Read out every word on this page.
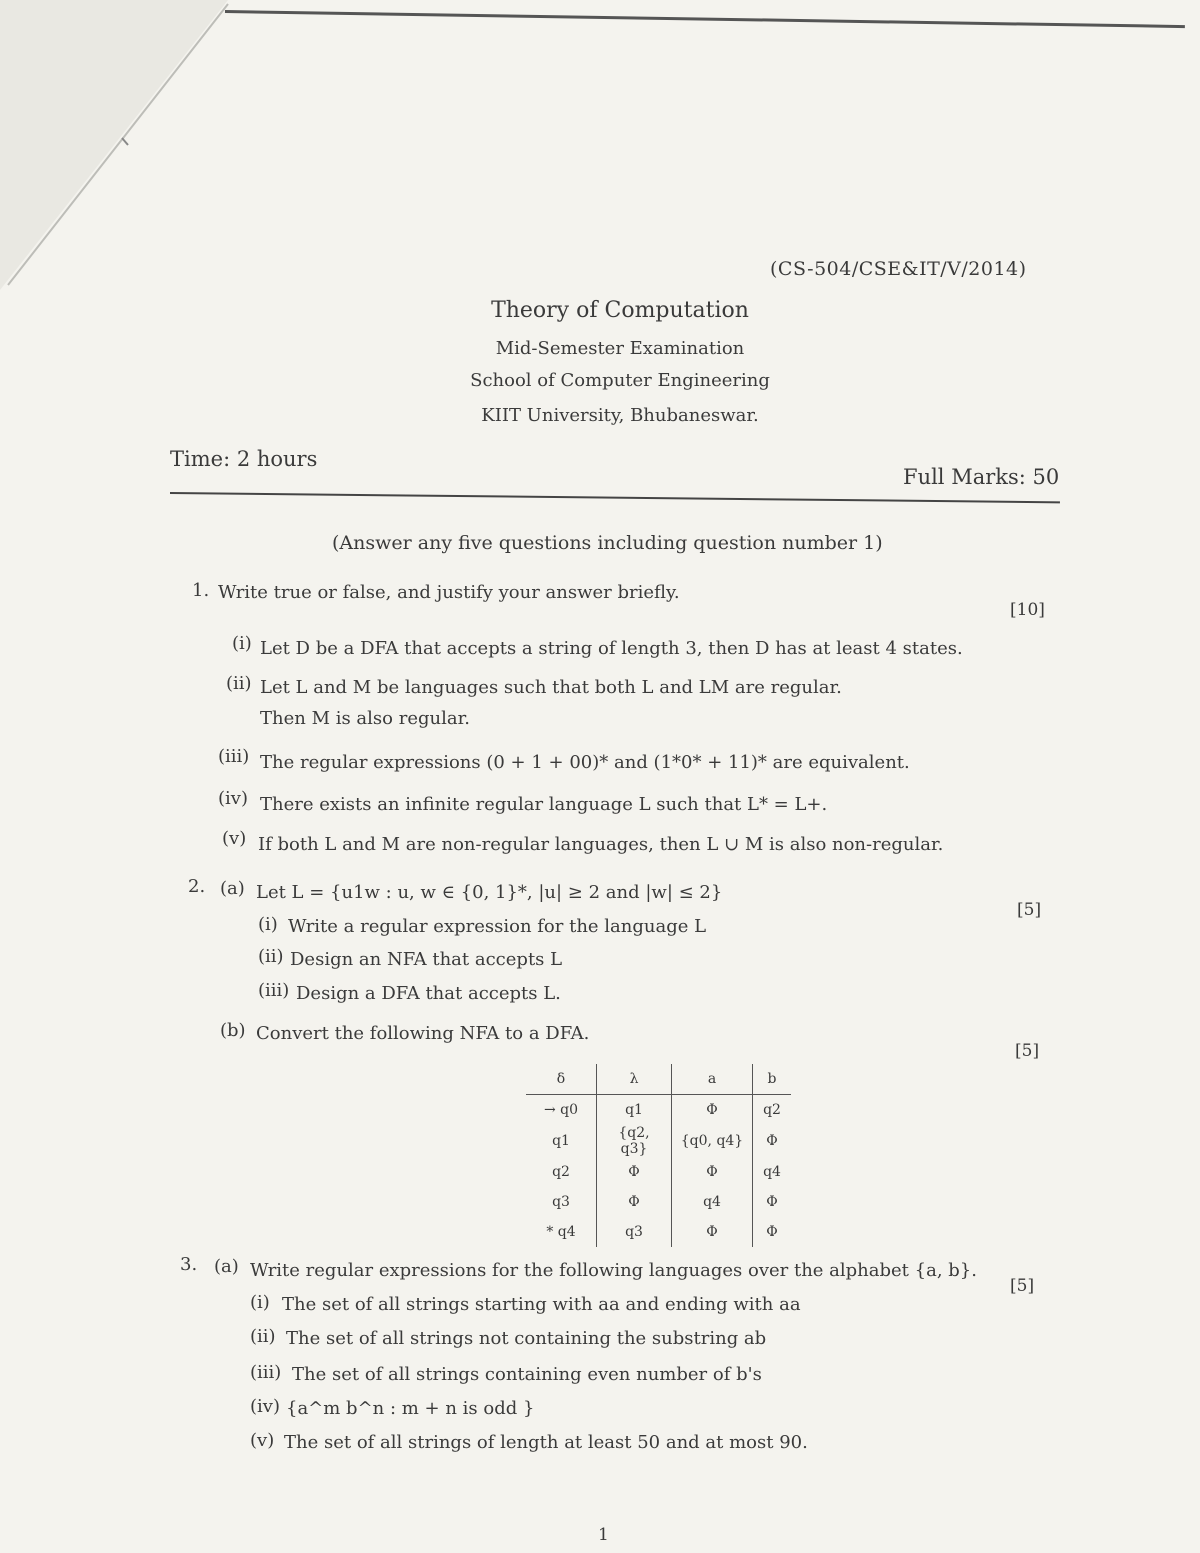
(CS-504/CSE&IT/V/2014)
Theory of Computation
Mid-Semester Examination
School of Computer Engineering
KIIT University, Bhubaneswar.
Time: 2 hours
Full Marks: 50
(Answer any five questions including question number 1)
1. Write true or false, and justify your answer briefly.
[10]
(i) Let D be a DFA that accepts a string of length 3, then D has at least 4 states.
(ii) Let L and M be languages such that both L and LM are regular.
Then M is also regular.
(iii) The regular expressions (0 + 1 + 00)* and (1*0* + 11)* are equivalent.
(iv) There exists an infinite regular language L such that L* = L+.
(v) If both L and M are non-regular languages, then L ∪ M is also non-regular.
2. (a) Let L = {u1w : u, w ∈ {0, 1}*, |u| ≥ 2 and |w| ≤ 2}
[5]
(i) Write a regular expression for the language L
(ii) Design an NFA that accepts L
(iii) Design a DFA that accepts L.
(b) Convert the following NFA to a DFA.
[5]
δ	λ	a	b
→ q0	q1	Φ	q2
q1	{q2, q3}	{q0, q4}	Φ
q2	Φ	Φ	q4
q3	Φ	q4	Φ
* q4	q3	Φ	Φ
3. (a) Write regular expressions for the following languages over the alphabet {a, b}.
[5]
(i) The set of all strings starting with aa and ending with aa
(ii) The set of all strings not containing the substring ab
(iii) The set of all strings containing even number of b's
(iv) {a^m b^n : m + n is odd }
(v) The set of all strings of length at least 50 and at most 90.
1
